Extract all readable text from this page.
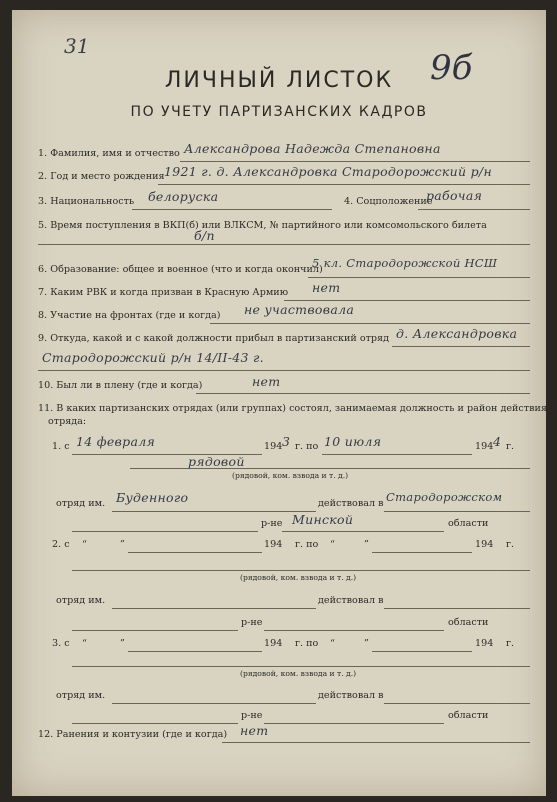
31
9б
ЛИЧНЫЙ ЛИСТОК
ПО УЧЕТУ ПАРТИЗАНСКИХ КАДРОВ
1. Фамилия, имя и отчество Александрова Надежда Степановна
2. Год и место рождения 1921 г. д. Александровка Стародорожский р/н
3. Национальность белоруска	4. Соцположение
рабочая
5. Время поступления в ВКП(б) или ВЛКСМ, № партийного или комсомольского билета
б/п
6. Образование: общее и военное (что и когда окончил)
5 кл. Стародорожской НСШ
7. Каким РВК и когда призван в Красную Армию нет
8. Участие на фронтах (где и когда) не участвовала
9. Откуда, какой и с какой должности прибыл в партизанский отряд д. Александровка
Стародорожский р/н 14/II-43 г.
10. Был ли в плену (где и когда)	нет
11. В каких партизанских отрядах (или группах) состоял, занимаемая должность и район действия
отряда:
1. с 14 февраля	194 3 г. по 10 июля	194 4 г.
рядовой
(рядовой, ком. взвода и т. д.)
отряд им. Буденного	действовал в Стародорожском
р-не Минской	области
2. с “	”	194 г. по “	”	194 г.
(рядовой, ком. взвода и т. д.)
отряд им.	действовал в
р-не	области
3. с “	”	194 г. по “	”	194 г.
(рядовой, ком. взвода и т. д.)
отряд им.	действовал в
р-не	области
12. Ранения и контузии (где и когда) нет
